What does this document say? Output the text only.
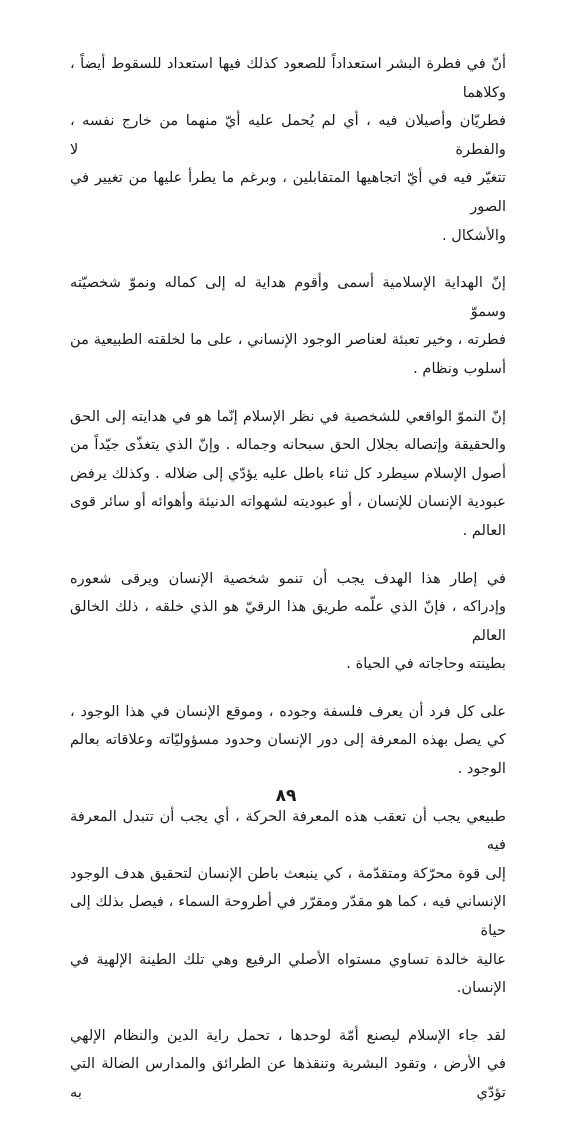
أنّ في فطرة البشر استعداداً للصعود كذلك فيها استعداد للسقوط أيضاً ، وكلاهما
فطريّان وأصيلان فيه ، أي لم يُحمل عليه أيّ منهما من خارج نفسه ، والفطرة لا
تتغيّر فيه في أيّ اتجاهيها المتقابلين ، وبرغم ما يطرأ عليها من تغيير في الصور
والأشكال .

إنّ الهداية الإسلامية أسمى وأقوم هداية له إلى كماله ونموّ شخصيّته وسموّ
فطرته ، وخير تعبئة لعناصر الوجود الإنساني ، على ما لخلقته الطبيعية من
أسلوب ونظام .

إنّ النموّ الواقعي للشخصية في نظر الإسلام إنّما هو في هدايته إلى الحق
والحقيقة وإتصاله بجلال الحق سبحانه وجماله . وإنّ الذي يتغذّى جيّداً من
أصول الإسلام سيطرد كل ثناء باطل عليه يؤدّي إلى ضلاله . وكذلك يرفض
عبودية الإنسان للإنسان ، أو عبوديته لشهواته الدنيئة وأهوائه أو سائر قوى
العالم .

في إطار هذا الهدف يجب أن تنمو شخصية الإنسان ويرقى شعوره
وإدراكه ، فإنّ الذي علّمه طريق هذا الرقيّ هو الذي خلقه ، ذلك الخالق العالم
بطينته وحاجاته في الحياة .

على كل فرد أن يعرف فلسفة وجوده ، وموقع الإنسان في هذا الوجود ،
كي يصل بهذه المعرفة إلى دور الإنسان وحدود مسؤوليّاته وعلاقاته بعالم الوجود .

طبيعي يجب أن تعقب هذه المعرفة الحركة ، أي يجب أن تتبدل المعرفة فيه
إلى قوة محرّكة ومتقدّمة ، كي ينبعث باطن الإنسان لتحقيق هدف الوجود
الإنساني فيه ، كما هو مقدّر ومقرّر في أطروحة السماء ، فيصل بذلك إلى حياة
عالية خالدة تساوي مستواه الأصلي الرفيع وهي تلك الطينة الإلهية في الإنسان.

لقد جاء الإسلام ليصنع أمّة لوحدها ، تحمل راية الدين والنظام الإلهي
في الأرض ، وتقود البشرية وتنقذها عن الطرائق والمدارس الضالة التي تؤدّي به

٨٩
